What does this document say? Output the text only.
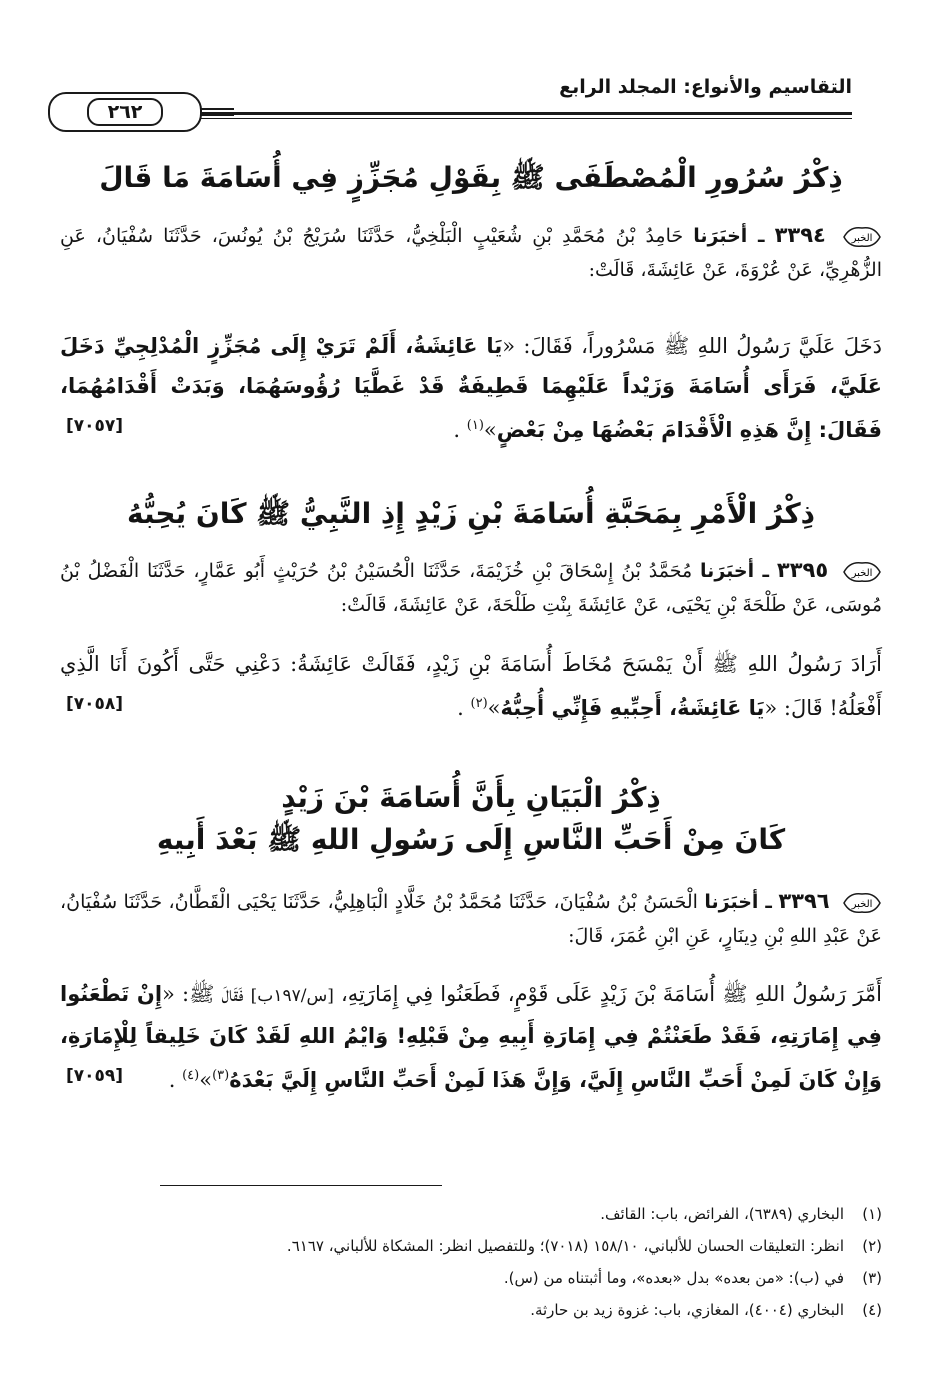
التقاسيم والأنواع: المجلد الرابع
٢٦٢
ذِكْرُ سُرُورِ الْمُصْطَفَى ﷺ بِقَوْلِ مُجَزِّزٍ فِي أُسَامَةَ مَا قَالَ
الخبر
٣٣٩٤ ـ أخبَرَنا حَامِدُ بْنُ مُحَمَّدِ بْنِ شُعَيْبٍ الْبَلْخِيُّ، حَدَّثَنَا سُرَيْجُ بْنُ يُونُسَ، حَدَّثَنَا سُفْيَانُ، عَنِ الزُّهْرِيِّ، عَنْ عُرْوَةَ، عَنْ عَائِشَةَ، قَالَتْ:
دَخَلَ عَلَيَّ رَسُولُ اللهِ ﷺ مَسْرُوراً، فَقَالَ: «يَا عَائِشَةُ، أَلَمْ تَرَيْ إِلَى مُجَزِّزٍ الْمُدْلِجِيِّ دَخَلَ عَلَيَّ، فَرَأَى أُسَامَةَ وَزَيْداً عَلَيْهِمَا قَطِيفَةٌ قَدْ غَطَّيَا رُؤُوسَهُمَا، وَبَدَتْ أَقْدَامُهُمَا، فَقَالَ: إِنَّ هَذِهِ الْأَقْدَامَ بَعْضُهَا مِنْ بَعْضٍ»$^{(١)}$ .
[٧٠٥٧]
ذِكْرُ الْأَمْرِ بِمَحَبَّةِ أُسَامَةَ بْنِ زَيْدٍ إِذِ النَّبِيُّ ﷺ كَانَ يُحِبُّهُ
الخبر
٣٣٩٥ ـ أخبَرَنا مُحَمَّدُ بْنُ إِسْحَاقَ بْنِ خُزَيْمَةَ، حَدَّثَنَا الْحُسَيْنُ بْنُ حُرَيْثٍ أَبُو عَمَّارٍ، حَدَّثَنَا الْفَضْلُ بْنُ مُوسَى، عَنْ طَلْحَةَ بْنِ يَحْيَى، عَنْ عَائِشَةَ بِنْتِ طَلْحَةَ، عَنْ عَائِشَةَ، قَالَتْ:
أَرَادَ رَسُولُ اللهِ ﷺ أَنْ يَمْسَحَ مُخَاطَ أُسَامَةَ بْنِ زَيْدٍ، فَقَالَتْ عَائِشَةُ: دَعْنِي حَتَّى أَكُونَ أَنَا الَّذِي أَفْعَلُهُ! قَالَ: «يَا عَائِشَةُ، أَحِبِّيهِ فَإِنِّي أُحِبُّهُ»$^{(٢)}$ .
[٧٠٥٨]
ذِكْرُ الْبَيَانِ بِأَنَّ أُسَامَةَ بْنَ زَيْدٍ
كَانَ مِنْ أَحَبِّ النَّاسِ إِلَى رَسُولِ اللهِ ﷺ بَعْدَ أَبِيهِ
الخبر
٣٣٩٦ ـ أخبَرَنا الْحَسَنُ بْنُ سُفْيَانَ، حَدَّثَنَا مُحَمَّدُ بْنُ خَلَّادٍ الْبَاهِلِيُّ، حَدَّثَنَا يَحْيَى الْقَطَّانُ، حَدَّثَنَا سُفْيَانُ، عَنْ عَبْدِ اللهِ بْنِ دِينَارٍ، عَنِ ابْنِ عُمَرَ، قَالَ:
أَمَّرَ رَسُولُ اللهِ ﷺ أُسَامَةَ بْنَ زَيْدٍ عَلَى قَوْمٍ، فَطَعَنُوا فِي إِمَارَتِهِ، [س/١٩٧ب] فَقَالَ ﷺ: «إِنْ تَطْعَنُوا فِي إِمَارَتِهِ، فَقَدْ طَعَنْتُمْ فِي إِمَارَةِ أَبِيهِ مِنْ قَبْلِهِ! وَايْمُ اللهِ لَقَدْ كَانَ خَلِيقاً لِلْإِمَارَةِ، وَإِنْ كَانَ لَمِنْ أَحَبِّ النَّاسِ إِلَيَّ، وَإِنَّ هَذَا لَمِنْ أَحَبِّ النَّاسِ إِلَيَّ بَعْدَهُ$^{(٣)}$»$^{(٤)}$ .
[٧٠٥٩]
(١)
البخاري (٦٣٨٩)، الفرائض، باب: القائف.
(٢)
انظر: التعليقات الحسان للألباني، ١٥٨/١٠ (٧٠١٨)؛ وللتفصيل انظر: المشكاة للألباني، ٦١٦٧.
(٣)
في (ب): «من بعده» بدل «بعده»، وما أثبتناه من (س).
(٤)
البخاري (٤٠٠٤)، المغازي، باب: غزوة زيد بن حارثة.
